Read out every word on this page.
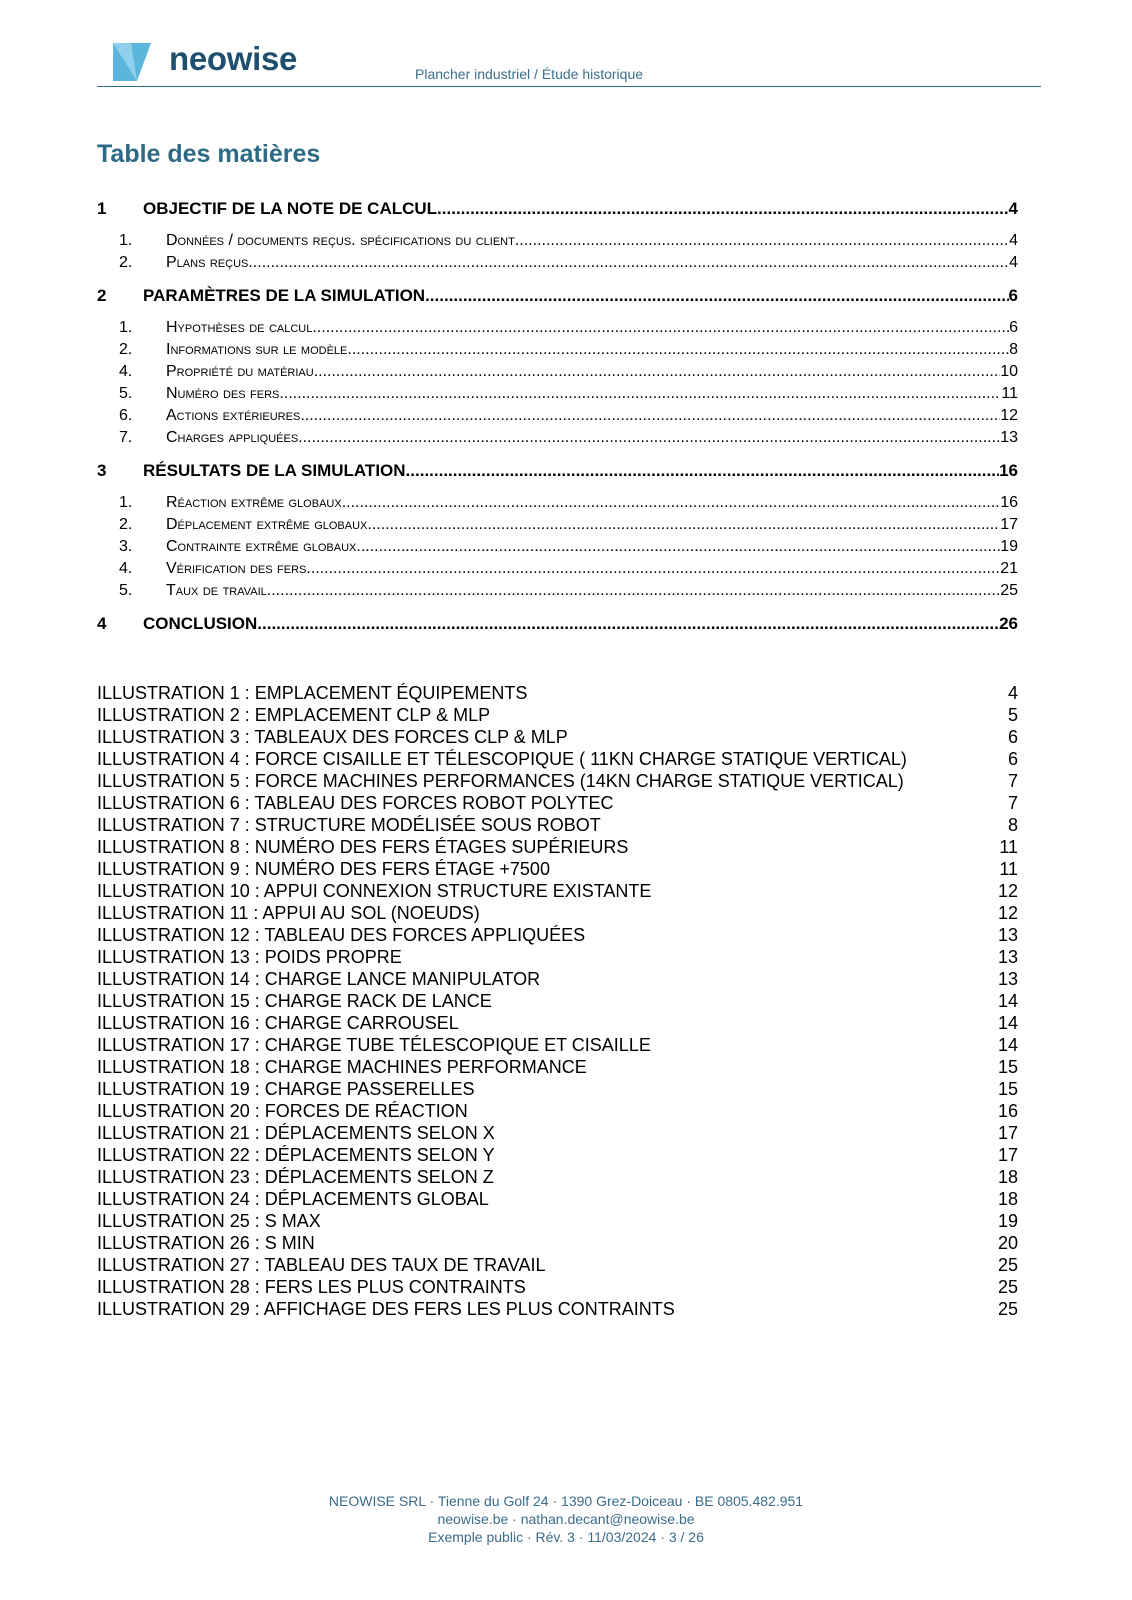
neowise	Plancher industriel / Étude historique
Table des matières
1	OBJECTIF DE LA NOTE DE CALCUL .....	4
1.	Données / documents reçus. spécifications du client .....	4
2.	Plans reçus .....	4
2	PARAMÈTRES DE LA SIMULATION .....	6
1.	Hypothèses de calcul .....	6
2.	Informations sur le modèle .....	8
4.	Propriété du matériau .....	10
5.	Numéro des fers .....	11
6.	Actions extérieures .....	12
7.	Charges appliquées .....	13
3	RÉSULTATS DE LA SIMULATION .....	16
1.	Réaction extrême globaux .....	16
2.	Déplacement extrême globaux .....	17
3.	Contrainte extrême globaux .....	19
4.	Vérification des fers .....	21
5.	Taux de travail .....	25
4	CONCLUSION .....	26
ILLUSTRATION 1 : EMPLACEMENT ÉQUIPEMENTS	4
ILLUSTRATION 2 : EMPLACEMENT CLP & MLP	5
ILLUSTRATION 3 : TABLEAUX DES FORCES CLP & MLP	6
ILLUSTRATION 4 : FORCE CISAILLE ET TÉLESCOPIQUE ( 11KN CHARGE STATIQUE VERTICAL)	6
ILLUSTRATION 5 : FORCE MACHINES PERFORMANCES (14KN CHARGE STATIQUE VERTICAL)	7
ILLUSTRATION 6 : TABLEAU DES FORCES ROBOT POLYTEC	7
ILLUSTRATION 7 : STRUCTURE MODÉLISÉE SOUS ROBOT	8
ILLUSTRATION 8 : NUMÉRO DES FERS ÉTAGES SUPÉRIEURS	11
ILLUSTRATION 9 : NUMÉRO DES FERS ÉTAGE +7500	11
ILLUSTRATION 10 : APPUI CONNEXION STRUCTURE EXISTANTE	12
ILLUSTRATION 11 : APPUI AU SOL (NOEUDS)	12
ILLUSTRATION 12 : TABLEAU DES FORCES APPLIQUÉES	13
ILLUSTRATION 13 : POIDS PROPRE	13
ILLUSTRATION 14 : CHARGE LANCE MANIPULATOR	13
ILLUSTRATION 15 : CHARGE RACK DE LANCE	14
ILLUSTRATION 16 : CHARGE CARROUSEL	14
ILLUSTRATION 17 : CHARGE TUBE TÉLESCOPIQUE ET CISAILLE	14
ILLUSTRATION 18 : CHARGE MACHINES PERFORMANCE	15
ILLUSTRATION 19 : CHARGE PASSERELLES	15
ILLUSTRATION 20 : FORCES DE RÉACTION	16
ILLUSTRATION 21 : DÉPLACEMENTS SELON X	17
ILLUSTRATION 22 : DÉPLACEMENTS SELON Y	17
ILLUSTRATION 23 : DÉPLACEMENTS SELON Z	18
ILLUSTRATION 24 : DÉPLACEMENTS GLOBAL	18
ILLUSTRATION 25 : S MAX	19
ILLUSTRATION 26 : S MIN	20
ILLUSTRATION 27 : TABLEAU DES TAUX DE TRAVAIL	25
ILLUSTRATION 28 : FERS LES PLUS CONTRAINTS	25
ILLUSTRATION 29 : AFFICHAGE DES FERS LES PLUS CONTRAINTS	25
NEOWISE SRL · Tienne du Golf 24 · 1390 Grez-Doiceau · BE 0805.482.951
neowise.be · nathan.decant@neowise.be
Exemple public · Rév. 3 · 11/03/2024 · 3 / 26
